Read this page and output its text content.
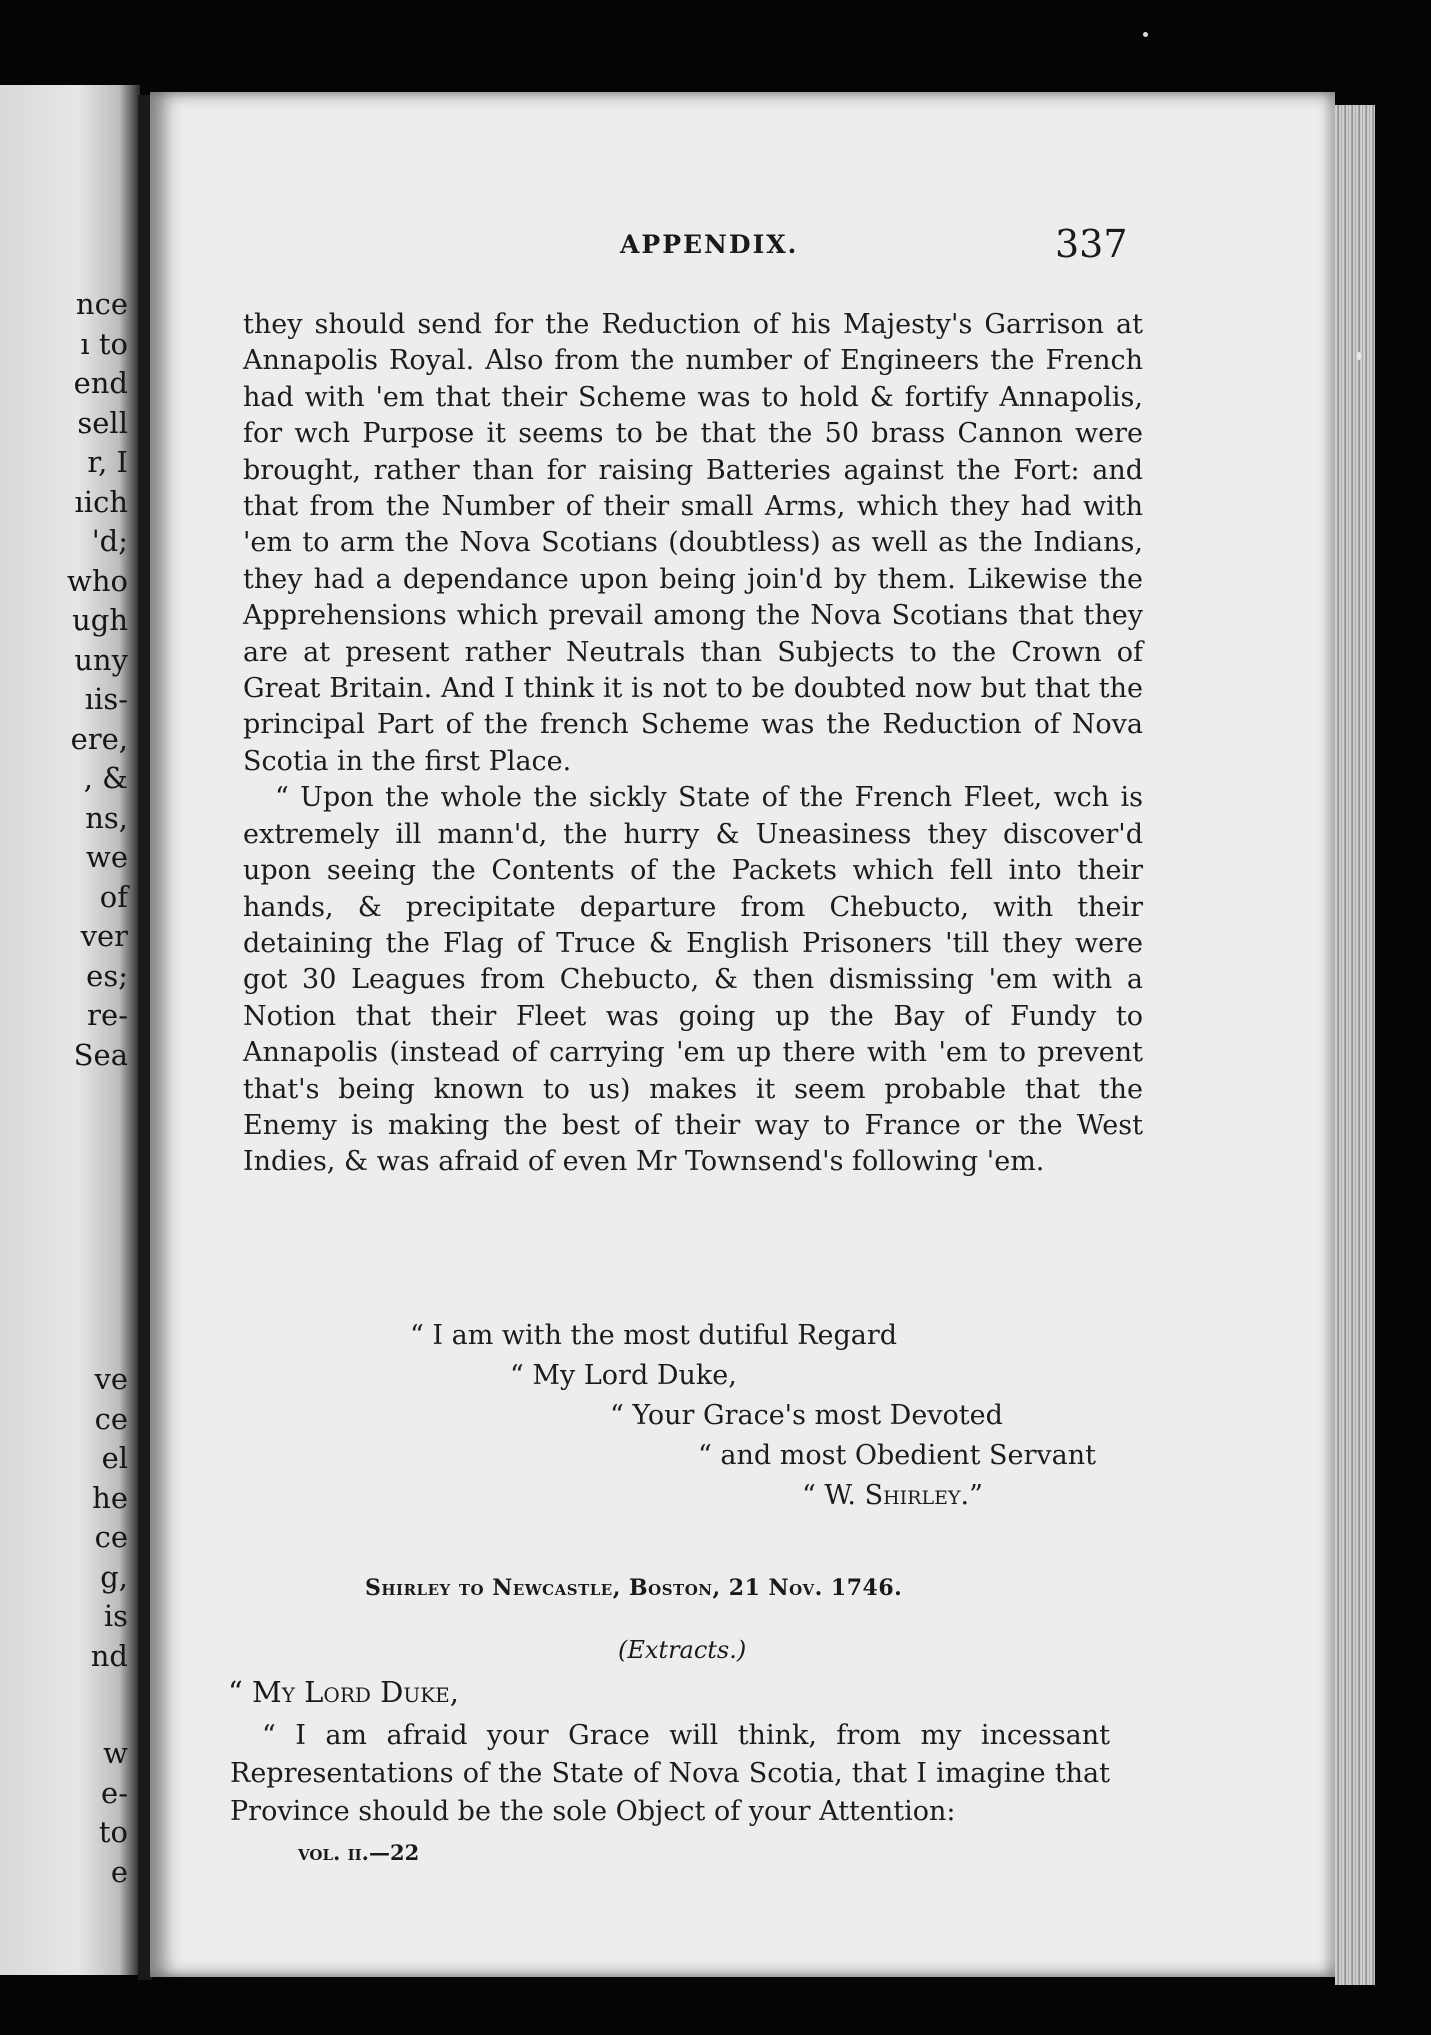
nce
ı to
end
sell
r, I
ıich
'd;
who
ugh
uny
ıis-
ere,
, &
ns,
we
of
ver
es;
re-
Sea
ve
ce
el
he
ce
g,
is
nd
w
e-
to
e
APPENDIX.	337

they should send for the Reduction of his Majesty's Garrison at Annapolis Royal. Also from the number of Engineers the French had with 'em that their Scheme was to hold & fortify Annapolis, for wch Purpose it seems to be that the 50 brass Cannon were brought, rather than for raising Batteries against the Fort: and that from the Number of their small Arms, which they had with 'em to arm the Nova Scotians (doubtless) as well as the Indians, they had a dependance upon being join'd by them. Likewise the Apprehensions which prevail among the Nova Scotians that they are at present rather Neutrals than Subjects to the Crown of Great Britain. And I think it is not to be doubted now but that the principal Part of the french Scheme was the Reduction of Nova Scotia in the first Place.

“ Upon the whole the sickly State of the French Fleet, wch is extremely ill mann'd, the hurry & Uneasiness they discover'd upon seeing the Contents of the Packets which fell into their hands, & precipitate departure from Chebucto, with their detaining the Flag of Truce & English Prisoners 'till they were got 30 Leagues from Chebucto, & then dismissing 'em with a Notion that their Fleet was going up the Bay of Fundy to Annapolis (instead of carrying 'em up there with 'em to prevent that's being known to us) makes it seem probable that the Enemy is making the best of their way to France or the West Indies, & was afraid of even Mr Townsend's following 'em.

“ I am with the most dutiful Regard
“ My Lord Duke,
“ Your Grace's most Devoted
“ and most Obedient Servant
“ W. Shirley.”
Shirley to Newcastle, Boston, 21 Nov. 1746.
(Extracts.)
“ My Lord Duke,

“ I am afraid your Grace will think, from my incessant Representations of the State of Nova Scotia, that I imagine that Province should be the sole Object of your Attention:

vol. ii.—22
